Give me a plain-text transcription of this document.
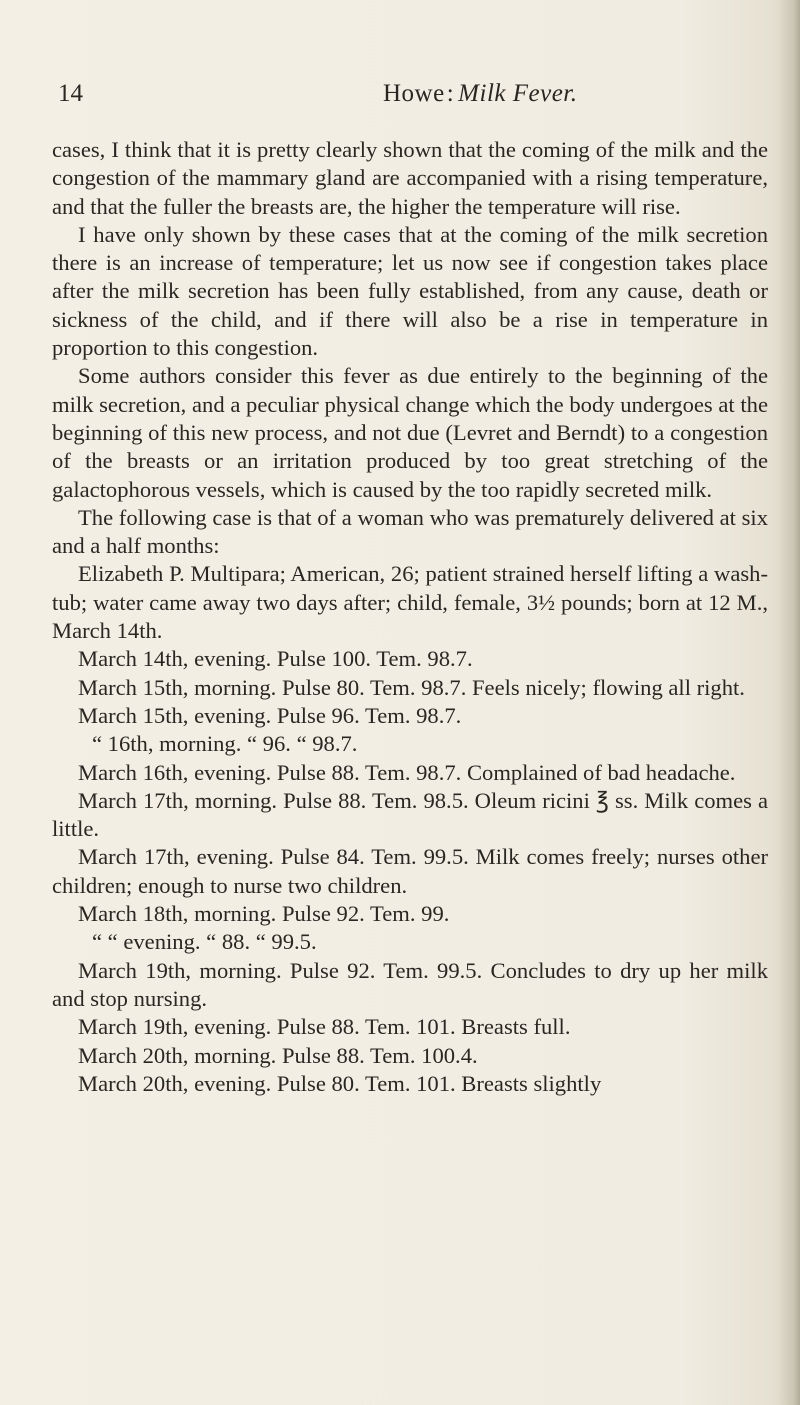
14	Howe: Milk Fever.

cases, I think that it is pretty clearly shown that the coming of the milk and the congestion of the mammary gland are accompanied with a rising temperature, and that the fuller the breasts are, the higher the temperature will rise.

I have only shown by these cases that at the coming of the milk secretion there is an increase of temperature; let us now see if congestion takes place after the milk secretion has been fully established, from any cause, death or sickness of the child, and if there will also be a rise in temperature in proportion to this congestion.

Some authors consider this fever as due entirely to the beginning of the milk secretion, and a peculiar physical change which the body undergoes at the beginning of this new process, and not due (Levret and Berndt) to a congestion of the breasts or an irritation produced by too great stretching of the galactophorous vessels, which is caused by the too rapidly secreted milk.

The following case is that of a woman who was prematurely delivered at six and a half months:

Elizabeth P. Multipara; American, 26; patient strained herself lifting a wash-tub; water came away two days after; child, female, 3½ pounds; born at 12 M., March 14th.

March 14th, evening. Pulse 100. Tem. 98.7.

March 15th, morning. Pulse 80. Tem. 98.7. Feels nicely; flowing all right.

March 15th, evening. Pulse 96. Tem. 98.7.

“ 16th, morning. “ 96. “ 98.7.

March 16th, evening. Pulse 88. Tem. 98.7. Complained of bad headache.

March 17th, morning. Pulse 88. Tem. 98.5. Oleum ricini ℥ ss. Milk comes a little.

March 17th, evening. Pulse 84. Tem. 99.5. Milk comes freely; nurses other children; enough to nurse two children.

March 18th, morning. Pulse 92. Tem. 99.

“ “ evening. “ 88. “ 99.5.

March 19th, morning. Pulse 92. Tem. 99.5. Concludes to dry up her milk and stop nursing.

March 19th, evening. Pulse 88. Tem. 101. Breasts full.

March 20th, morning. Pulse 88. Tem. 100.4.

March 20th, evening. Pulse 80. Tem. 101. Breasts slightly
